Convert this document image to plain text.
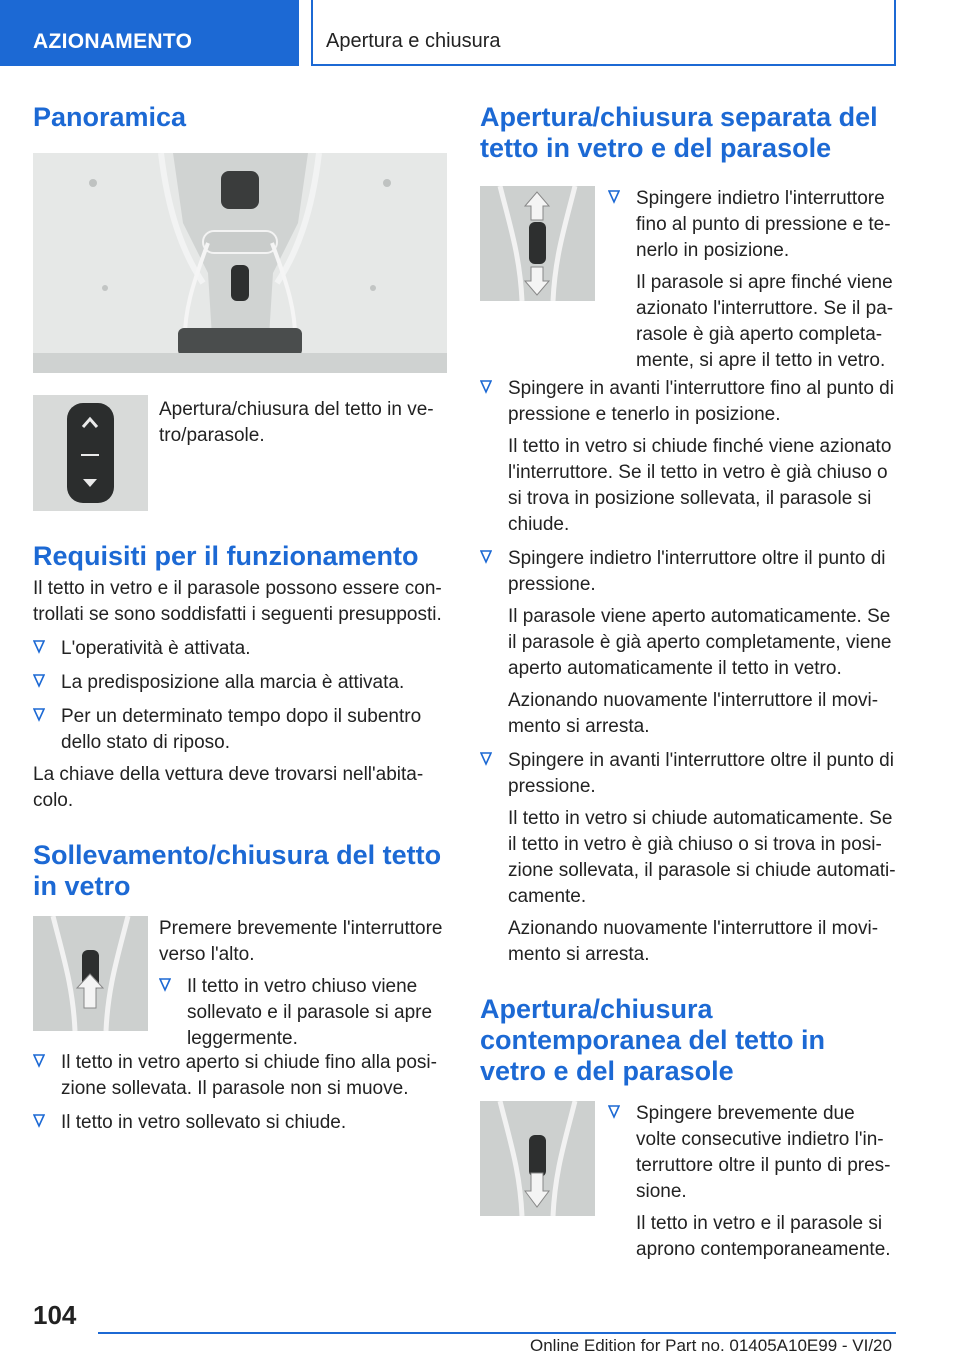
AZIONAMENTO	Apertura e chiusura
Panoramica

Apertura/chiusura del tetto in ve-tro/parasole.

Requisiti per il funzionamento

Il tetto in vetro e il parasole possono essere con-trollati se sono soddisfatti i seguenti presupposti.

L'operatività è attivata.
La predisposizione alla marcia è attivata.
Per un determinato tempo dopo il subentro dello stato di riposo.

La chiave della vettura deve trovarsi nell'abita-colo.

Sollevamento/chiusura del tetto in vetro

Premere brevemente l'interruttore verso l'alto.

Il tetto in vetro chiuso viene sollevato e il parasole si apre leggermente.
Il tetto in vetro aperto si chiude fino alla posi-zione sollevata. Il parasole non si muove.
Il tetto in vetro sollevato si chiude.
Apertura/chiusura separata del tetto in vetro e del parasole
Spingere indietro l'interruttore fino al punto di pressione e te-nerlo in posizione.

Il parasole si apre finché viene azionato l'interruttore. Se il pa-rasole è già aperto completa-mente, si apre il tetto in vetro.

Spingere in avanti l'interruttore fino al punto di pressione e tenerlo in posizione.

Il tetto in vetro si chiude finché viene azionato l'interruttore. Se il tetto in vetro è già chiuso o si trova in posizione sollevata, il parasole si chiude.

Spingere indietro l'interruttore oltre il punto di pressione.

Il parasole viene aperto automaticamente. Se il parasole è già aperto completamente, viene aperto automaticamente il tetto in vetro.

Azionando nuovamente l'interruttore il movi-mento si arresta.

Spingere in avanti l'interruttore oltre il punto di pressione.

Il tetto in vetro si chiude automaticamente. Se il tetto in vetro è già chiuso o si trova in posi-zione sollevata, il parasole si chiude automati-camente.

Azionando nuovamente l'interruttore il movi-mento si arresta.

Apertura/chiusura contemporanea del tetto in vetro e del parasole
Spingere brevemente due volte consecutive indietro l'in-terruttore oltre il punto di pres-sione.

Il tetto in vetro e il parasole si aprono contemporaneamente.

104
Online Edition for Part no. 01405A10E99 - VI/20
